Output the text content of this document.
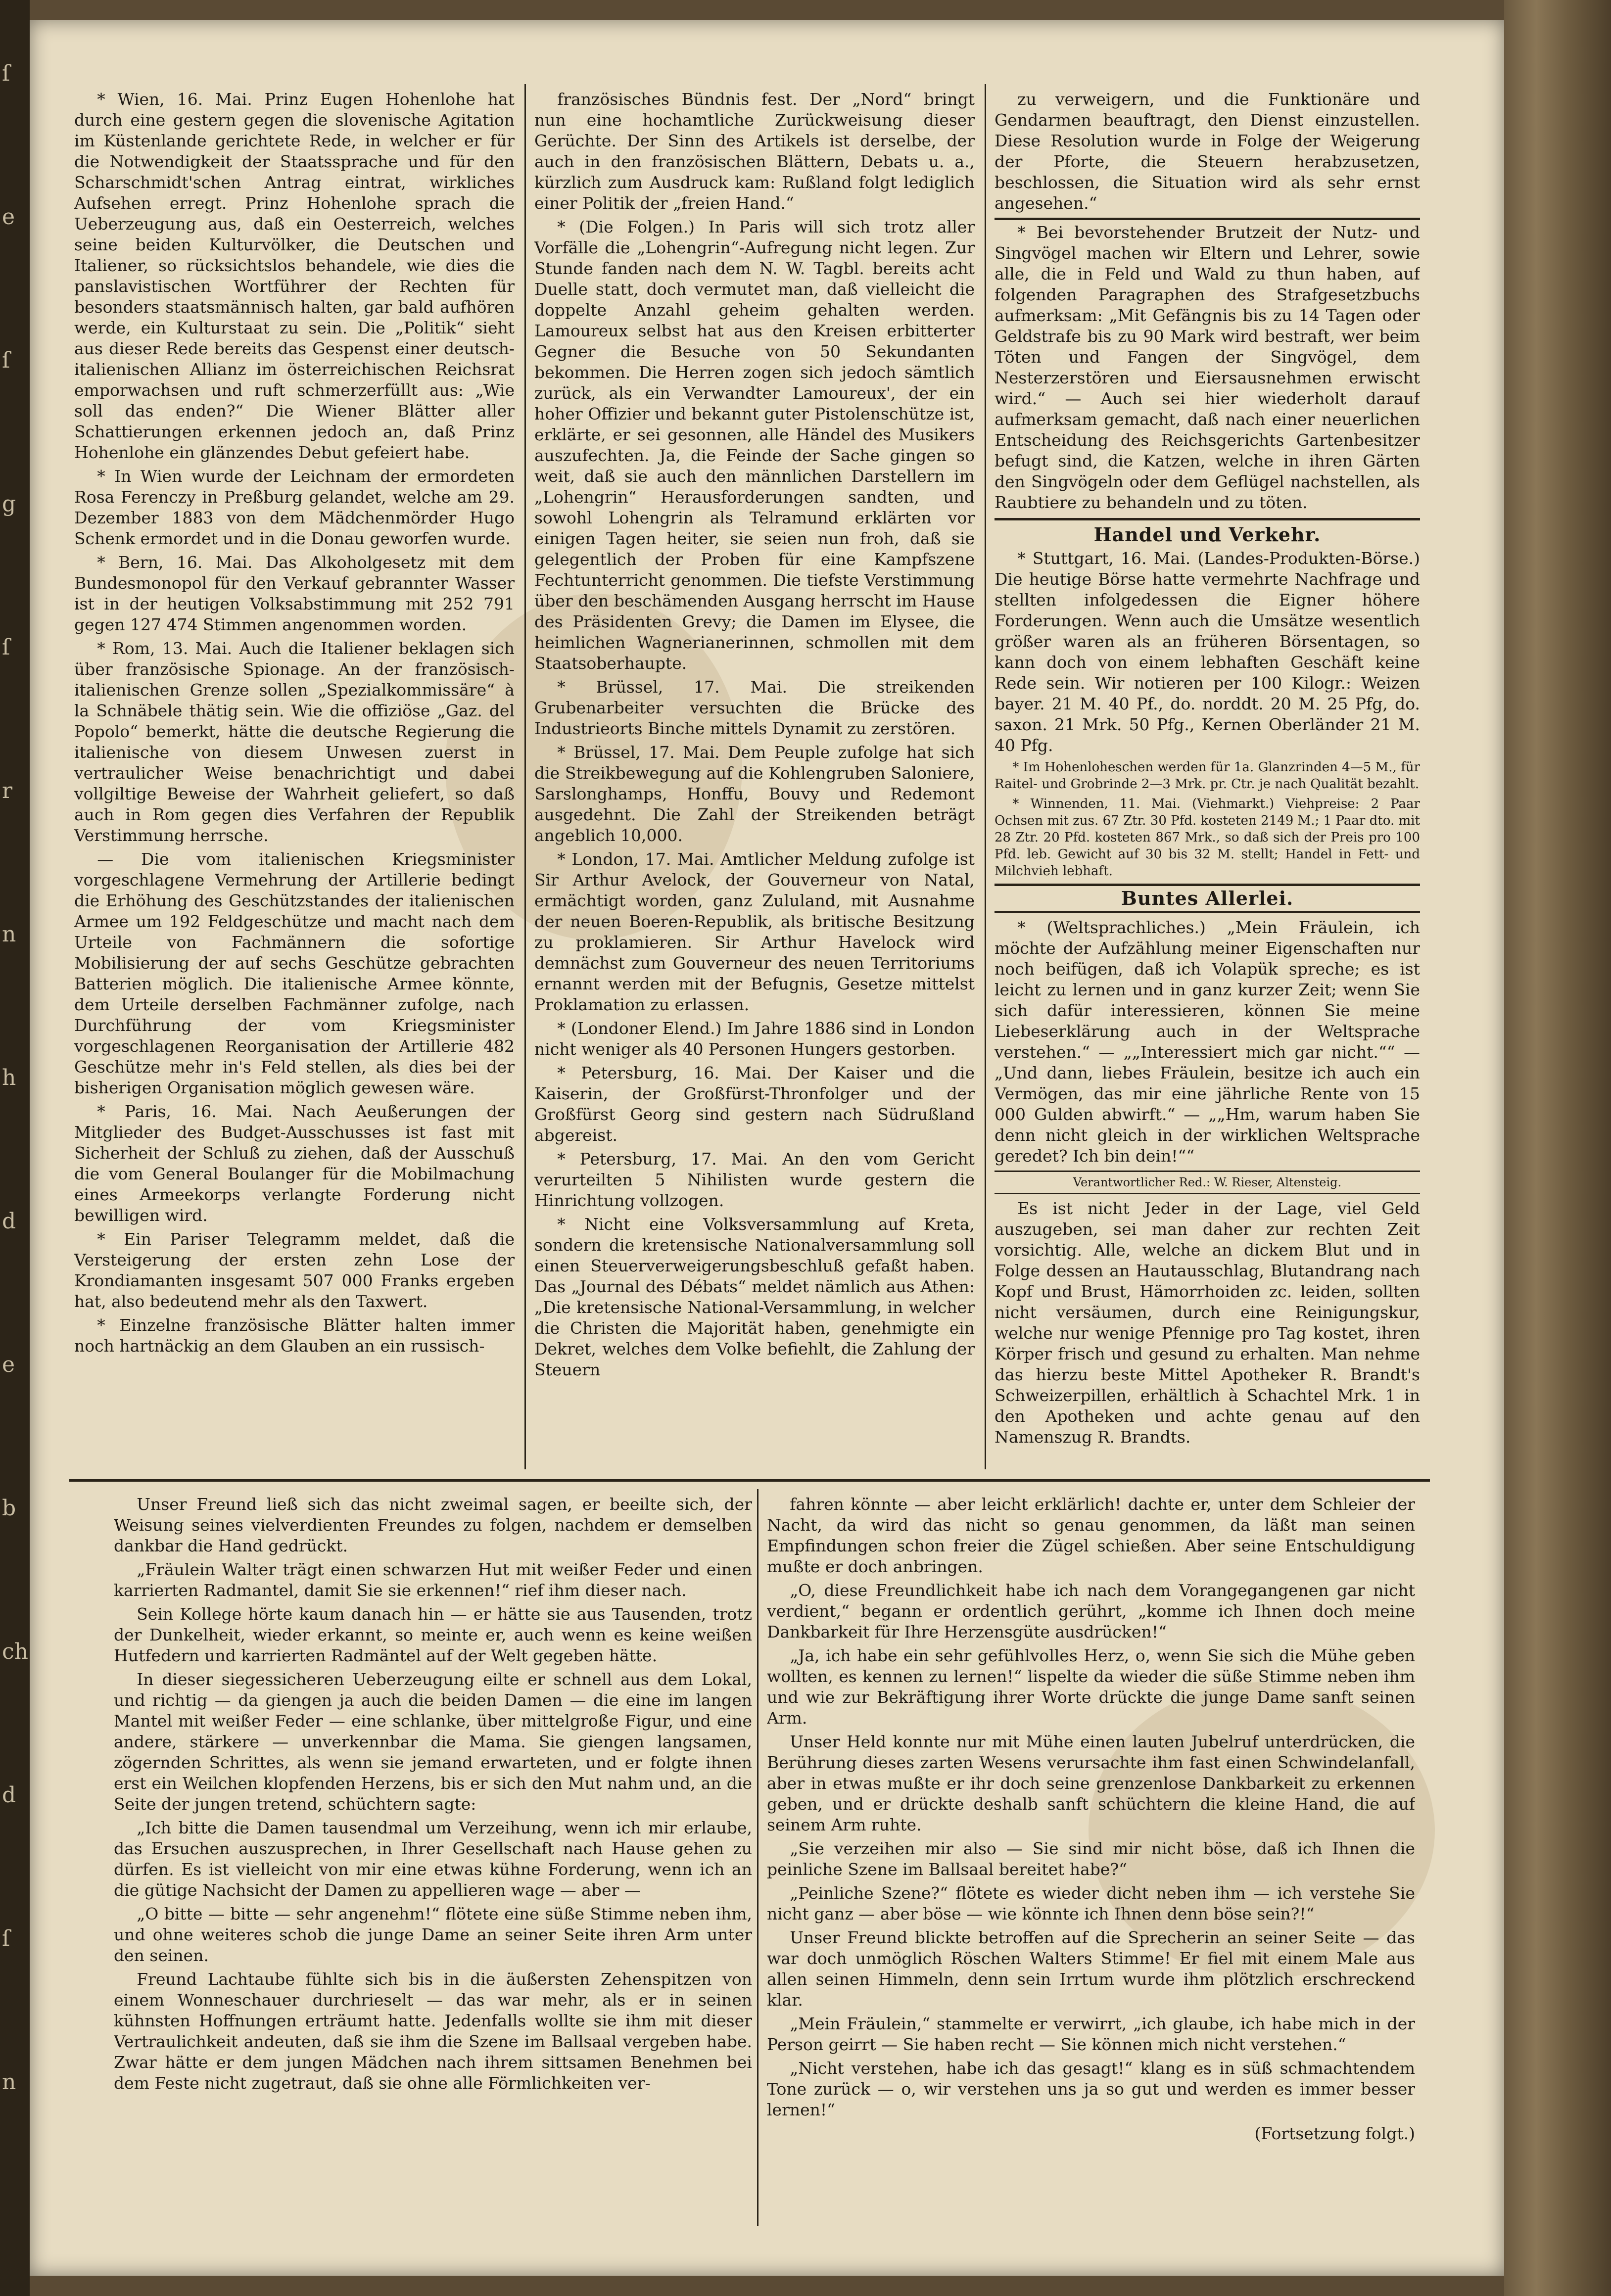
ſ
e
ſ
g
ſ
r
n
h
d
e
b
ch
d
ſ
n

* Wien, 16. Mai. Prinz Eugen Hohenlohe hat durch eine gestern gegen die slovenische Agitation im Küstenlande gerichtete Rede, in welcher er für die Notwendigkeit der Staatssprache und für den Scharschmidt'schen Antrag eintrat, wirkliches Aufsehen erregt. Prinz Hohenlohe sprach die Ueberzeugung aus, daß ein Oesterreich, welches seine beiden Kulturvölker, die Deutschen und Italiener, so rücksichtslos behandele, wie dies die panslavistischen Wortführer der Rechten für besonders staatsmännisch halten, gar bald aufhören werde, ein Kulturstaat zu sein. Die „Politik“ sieht aus dieser Rede bereits das Gespenst einer deutsch-italienischen Allianz im österreichischen Reichsrat emporwachsen und ruft schmerzerfüllt aus: „Wie soll das enden?“ Die Wiener Blätter aller Schattierungen erkennen jedoch an, daß Prinz Hohenlohe ein glänzendes Debut gefeiert habe.

* In Wien wurde der Leichnam der ermordeten Rosa Ferenczy in Preßburg gelandet, welche am 29. Dezember 1883 von dem Mädchenmörder Hugo Schenk ermordet und in die Donau geworfen wurde.

* Bern, 16. Mai. Das Alkoholgesetz mit dem Bundesmonopol für den Verkauf gebrannter Wasser ist in der heutigen Volksabstimmung mit 252 791 gegen 127 474 Stimmen angenommen worden.

* Rom, 13. Mai. Auch die Italiener beklagen sich über französische Spionage. An der französisch-italienischen Grenze sollen „Spezialkommissäre“ à la Schnäbele thätig sein. Wie die offiziöse „Gaz. del Popolo“ bemerkt, hätte die deutsche Regierung die italienische von diesem Unwesen zuerst in vertraulicher Weise benachrichtigt und dabei vollgiltige Beweise der Wahrheit geliefert, so daß auch in Rom gegen dies Verfahren der Republik Verstimmung herrsche.

— Die vom italienischen Kriegsminister vorgeschlagene Vermehrung der Artillerie bedingt die Erhöhung des Geschützstandes der italienischen Armee um 192 Feldgeschütze und macht nach dem Urteile von Fachmännern die sofortige Mobilisierung der auf sechs Geschütze gebrachten Batterien möglich. Die italienische Armee könnte, dem Urteile derselben Fachmänner zufolge, nach Durchführung der vom Kriegsminister vorgeschlagenen Reorganisation der Artillerie 482 Geschütze mehr in's Feld stellen, als dies bei der bisherigen Organisation möglich gewesen wäre.

* Paris, 16. Mai. Nach Aeußerungen der Mitglieder des Budget-Ausschusses ist fast mit Sicherheit der Schluß zu ziehen, daß der Ausschuß die vom General Boulanger für die Mobilmachung eines Armeekorps verlangte Forderung nicht bewilligen wird.

* Ein Pariser Telegramm meldet, daß die Versteigerung der ersten zehn Lose der Krondiamanten insgesamt 507 000 Franks ergeben hat, also bedeutend mehr als den Taxwert.

* Einzelne französische Blätter halten immer noch hartnäckig an dem Glauben an ein russisch-

französisches Bündnis fest. Der „Nord“ bringt nun eine hochamtliche Zurückweisung dieser Gerüchte. Der Sinn des Artikels ist derselbe, der auch in den französischen Blättern, Debats u. a., kürzlich zum Ausdruck kam: Rußland folgt lediglich einer Politik der „freien Hand.“

* (Die Folgen.) In Paris will sich trotz aller Vorfälle die „Lohengrin“-Aufregung nicht legen. Zur Stunde fanden nach dem N. W. Tagbl. bereits acht Duelle statt, doch vermutet man, daß vielleicht die doppelte Anzahl geheim gehalten werden. Lamoureux selbst hat aus den Kreisen erbitterter Gegner die Besuche von 50 Sekundanten bekommen. Die Herren zogen sich jedoch sämtlich zurück, als ein Verwandter Lamoureux', der ein hoher Offizier und bekannt guter Pistolenschütze ist, erklärte, er sei gesonnen, alle Händel des Musikers auszufechten. Ja, die Feinde der Sache gingen so weit, daß sie auch den männlichen Darstellern im „Lohengrin“ Herausforderungen sandten, und sowohl Lohengrin als Telramund erklärten vor einigen Tagen heiter, sie seien nun froh, daß sie gelegentlich der Proben für eine Kampfszene Fechtunterricht genommen. Die tiefste Verstimmung über den beschämenden Ausgang herrscht im Hause des Präsidenten Grevy; die Damen im Elysee, die heimlichen Wagnerianerinnen, schmollen mit dem Staatsoberhaupte.

* Brüssel, 17. Mai. Die streikenden Grubenarbeiter versuchten die Brücke des Industriеorts Binche mittels Dynamit zu zerstören.

* Brüssel, 17. Mai. Dem Peuple zufolge hat sich die Streikbewegung auf die Kohlengruben Saloniere, Sarslonghamps, Honffu, Bouvy und Redemont ausgedehnt. Die Zahl der Streikenden beträgt angeblich 10,000.

* London, 17. Mai. Amtlicher Meldung zufolge ist Sir Arthur Avelock, der Gouverneur von Natal, ermächtigt worden, ganz Zululand, mit Ausnahme der neuen Boeren-Republik, als britische Besitzung zu proklamieren. Sir Arthur Havelock wird demnächst zum Gouverneur des neuen Territoriums ernannt werden mit der Befugnis, Gesetze mittelst Proklamation zu erlassen.

* (Londoner Elend.) Im Jahre 1886 sind in London nicht weniger als 40 Personen Hungers gestorben.

* Petersburg, 16. Mai. Der Kaiser und die Kaiserin, der Großfürst-Thronfolger und der Großfürst Georg sind gestern nach Südrußland abgereist.

* Petersburg, 17. Mai. An den vom Gericht verurteilten 5 Nihilisten wurde gestern die Hinrichtung vollzogen.

* Nicht eine Volksversammlung auf Kreta, sondern die kretensische Nationalversammlung soll einen Steuerverweigerungsbeschluß gefaßt haben. Das „Journal des Débats“ meldet nämlich aus Athen: „Die kretensische National-Versammlung, in welcher die Christen die Majorität haben, genehmigte ein Dekret, welches dem Volke befiehlt, die Zahlung der Steuern

zu verweigern, und die Funktionäre und Gendarmen beauftragt, den Dienst einzustellen. Diese Resolution wurde in Folge der Weigerung der Pforte, die Steuern herabzusetzen, beschlossen, die Situation wird als sehr ernst angesehen.“

* Bei bevorstehender Brutzeit der Nutz- und Singvögel machen wir Eltern und Lehrer, sowie alle, die in Feld und Wald zu thun haben, auf folgenden Paragraphen des Strafgesetzbuchs aufmerksam: „Mit Gefängnis bis zu 14 Tagen oder Geldstrafe bis zu 90 Mark wird bestraft, wer beim Töten und Fangen der Singvögel, dem Nesterzerstören und Eiersausnehmen erwischt wird.“ — Auch sei hier wiederholt darauf aufmerksam gemacht, daß nach einer neuerlichen Entscheidung des Reichsgerichts Gartenbesitzer befugt sind, die Katzen, welche in ihren Gärten den Singvögeln oder dem Geflügel nachstellen, als Raubtiere zu behandeln und zu töten.

Handel und Verkehr.

* Stuttgart, 16. Mai. (Landes-Produkten-Börse.) Die heutige Börse hatte vermehrte Nachfrage und stellten infolgedessen die Eigner höhere Forderungen. Wenn auch die Umsätze wesentlich größer waren als an früheren Börsentagen, so kann doch von einem lebhaften Geschäft keine Rede sein. Wir notieren per 100 Kilogr.: Weizen bayer. 21 M. 40 Pf., do. norddt. 20 M. 25 Pfg, do. saxon. 21 Mrk. 50 Pfg., Kernen Oberländer 21 M. 40 Pfg.

* Im Hohenloheschen werden für 1a. Glanzrinden 4—5 M., für Raitel- und Grobrinde 2—3 Mrk. pr. Ctr. je nach Qualität bezahlt.

* Winnenden, 11. Mai. (Viehmarkt.) Viehpreise: 2 Paar Ochsen mit zus. 67 Ztr. 30 Pfd. kosteten 2149 M.; 1 Paar dto. mit 28 Ztr. 20 Pfd. kosteten 867 Mrk., so daß sich der Preis pro 100 Pfd. leb. Gewicht auf 30 bis 32 M. stellt; Handel in Fett- und Milchvieh lebhaft.

Buntes Allerlei.

* (Weltsprachliches.) „Mein Fräulein, ich möchte der Aufzählung meiner Eigenschaften nur noch beifügen, daß ich Volapük spreche; es ist leicht zu lernen und in ganz kurzer Zeit; wenn Sie sich dafür interessieren, können Sie meine Liebeserklärung auch in der Weltsprache verstehen.“ — „„Interessiert mich gar nicht.““ — „Und dann, liebes Fräulein, besitze ich auch ein Vermögen, das mir eine jährliche Rente von 15 000 Gulden abwirft.“ — „„Hm, warum haben Sie denn nicht gleich in der wirklichen Weltsprache geredet? Ich bin dein!““

Verantwortlicher Red.: W. Rieser, Altensteig.

Es ist nicht Jeder in der Lage, viel Geld auszugeben, sei man daher zur rechten Zeit vorsichtig. Alle, welche an dickem Blut und in Folge dessen an Hautausschlag, Blutandrang nach Kopf und Brust, Hämorrhoiden zc. leiden, sollten nicht versäumen, durch eine Reinigungskur, welche nur wenige Pfennige pro Tag kostet, ihren Körper frisch und gesund zu erhalten. Man nehme das hierzu beste Mittel Apotheker R. Brandt's Schweizerpillen, erhältlich à Schachtel Mrk. 1 in den Apotheken und achte genau auf den Namenszug R. Brandts.

Unser Freund ließ sich das nicht zweimal sagen, er beeilte sich, der Weisung seines vielverdienten Freundes zu folgen, nachdem er demselben dankbar die Hand gedrückt.

„Fräulein Walter trägt einen schwarzen Hut mit weißer Feder und einen karrierten Radmantel, damit Sie sie erkennen!“ rief ihm dieser nach.

Sein Kollege hörte kaum danach hin — er hätte sie aus Tausenden, trotz der Dunkelheit, wieder erkannt, so meinte er, auch wenn es keine weißen Hutfedern und karrierten Radmäntel auf der Welt gegeben hätte.

In dieser siegessicheren Ueberzeugung eilte er schnell aus dem Lokal, und richtig — da giengen ja auch die beiden Damen — die eine im langen Mantel mit weißer Feder — eine schlanke, über mittelgroße Figur, und eine andere, stärkere — unverkennbar die Mama. Sie giengen langsamen, zögernden Schrittes, als wenn sie jemand erwarteten, und er folgte ihnen erst ein Weilchen klopfenden Herzens, bis er sich den Mut nahm und, an die Seite der jungen tretend, schüchtern sagte:

„Ich bitte die Damen tausendmal um Verzeihung, wenn ich mir erlaube, das Ersuchen auszusprechen, in Ihrer Gesellschaft nach Hause gehen zu dürfen. Es ist vielleicht von mir eine etwas kühne Forderung, wenn ich an die gütige Nachsicht der Damen zu appellieren wage — aber —

„O bitte — bitte — sehr angenehm!“ flötete eine süße Stimme neben ihm, und ohne weiteres schob die junge Dame an seiner Seite ihren Arm unter den seinen.

Freund Lachtaube fühlte sich bis in die äußersten Zehenspitzen von einem Wonneschauer durchrieselt — das war mehr, als er in seinen kühnsten Hoffnungen erträumt hatte. Jedenfalls wollte sie ihm mit dieser Vertraulichkeit andeuten, daß sie ihm die Szene im Ballsaal vergeben habe. Zwar hätte er dem jungen Mädchen nach ihrem sittsamen Benehmen bei dem Feste nicht zugetraut, daß sie ohne alle Förmlichkeiten ver-

fahren könnte — aber leicht erklärlich! dachte er, unter dem Schleier der Nacht, da wird das nicht so genau genommen, da läßt man seinen Empfindungen schon freier die Zügel schießen. Aber seine Entschuldigung mußte er doch anbringen.

„O, diese Freundlichkeit habe ich nach dem Vorangegangenen gar nicht verdient,“ begann er ordentlich gerührt, „komme ich Ihnen doch meine Dankbarkeit für Ihre Herzensgüte ausdrücken!“

„Ja, ich habe ein sehr gefühlvolles Herz, o, wenn Sie sich die Mühe geben wollten, es kennen zu lernen!“ lispelte da wieder die süße Stimme neben ihm und wie zur Bekräftigung ihrer Worte drückte die junge Dame sanft seinen Arm.

Unser Held konnte nur mit Mühe einen lauten Jubelruf unterdrücken, die Berührung dieses zarten Wesens verursachte ihm fast einen Schwindelanfall, aber in etwas mußte er ihr doch seine grenzenlose Dankbarkeit zu erkennen geben, und er drückte deshalb sanft schüchtern die kleine Hand, die auf seinem Arm ruhte.

„Sie verzeihen mir also — Sie sind mir nicht böse, daß ich Ihnen die peinliche Szene im Ballsaal bereitet habe?“

„Peinliche Szene?“ flötete es wieder dicht neben ihm — ich verstehe Sie nicht ganz — aber böse — wie könnte ich Ihnen denn böse sein?!“

Unser Freund blickte betroffen auf die Sprecherin an seiner Seite — das war doch unmöglich Röschen Walters Stimme! Er fiel mit einem Male aus allen seinen Himmeln, denn sein Irrtum wurde ihm plötzlich erschreckend klar.

„Mein Fräulein,“ stammelte er verwirrt, „ich glaube, ich habe mich in der Person geirrt — Sie haben recht — Sie können mich nicht verstehen.“

„Nicht verstehen, habe ich das gesagt!“ klang es in süß schmachtendem Tone zurück — o, wir verstehen uns ja so gut und werden es immer besser lernen!“

(Fortsetzung folgt.)
